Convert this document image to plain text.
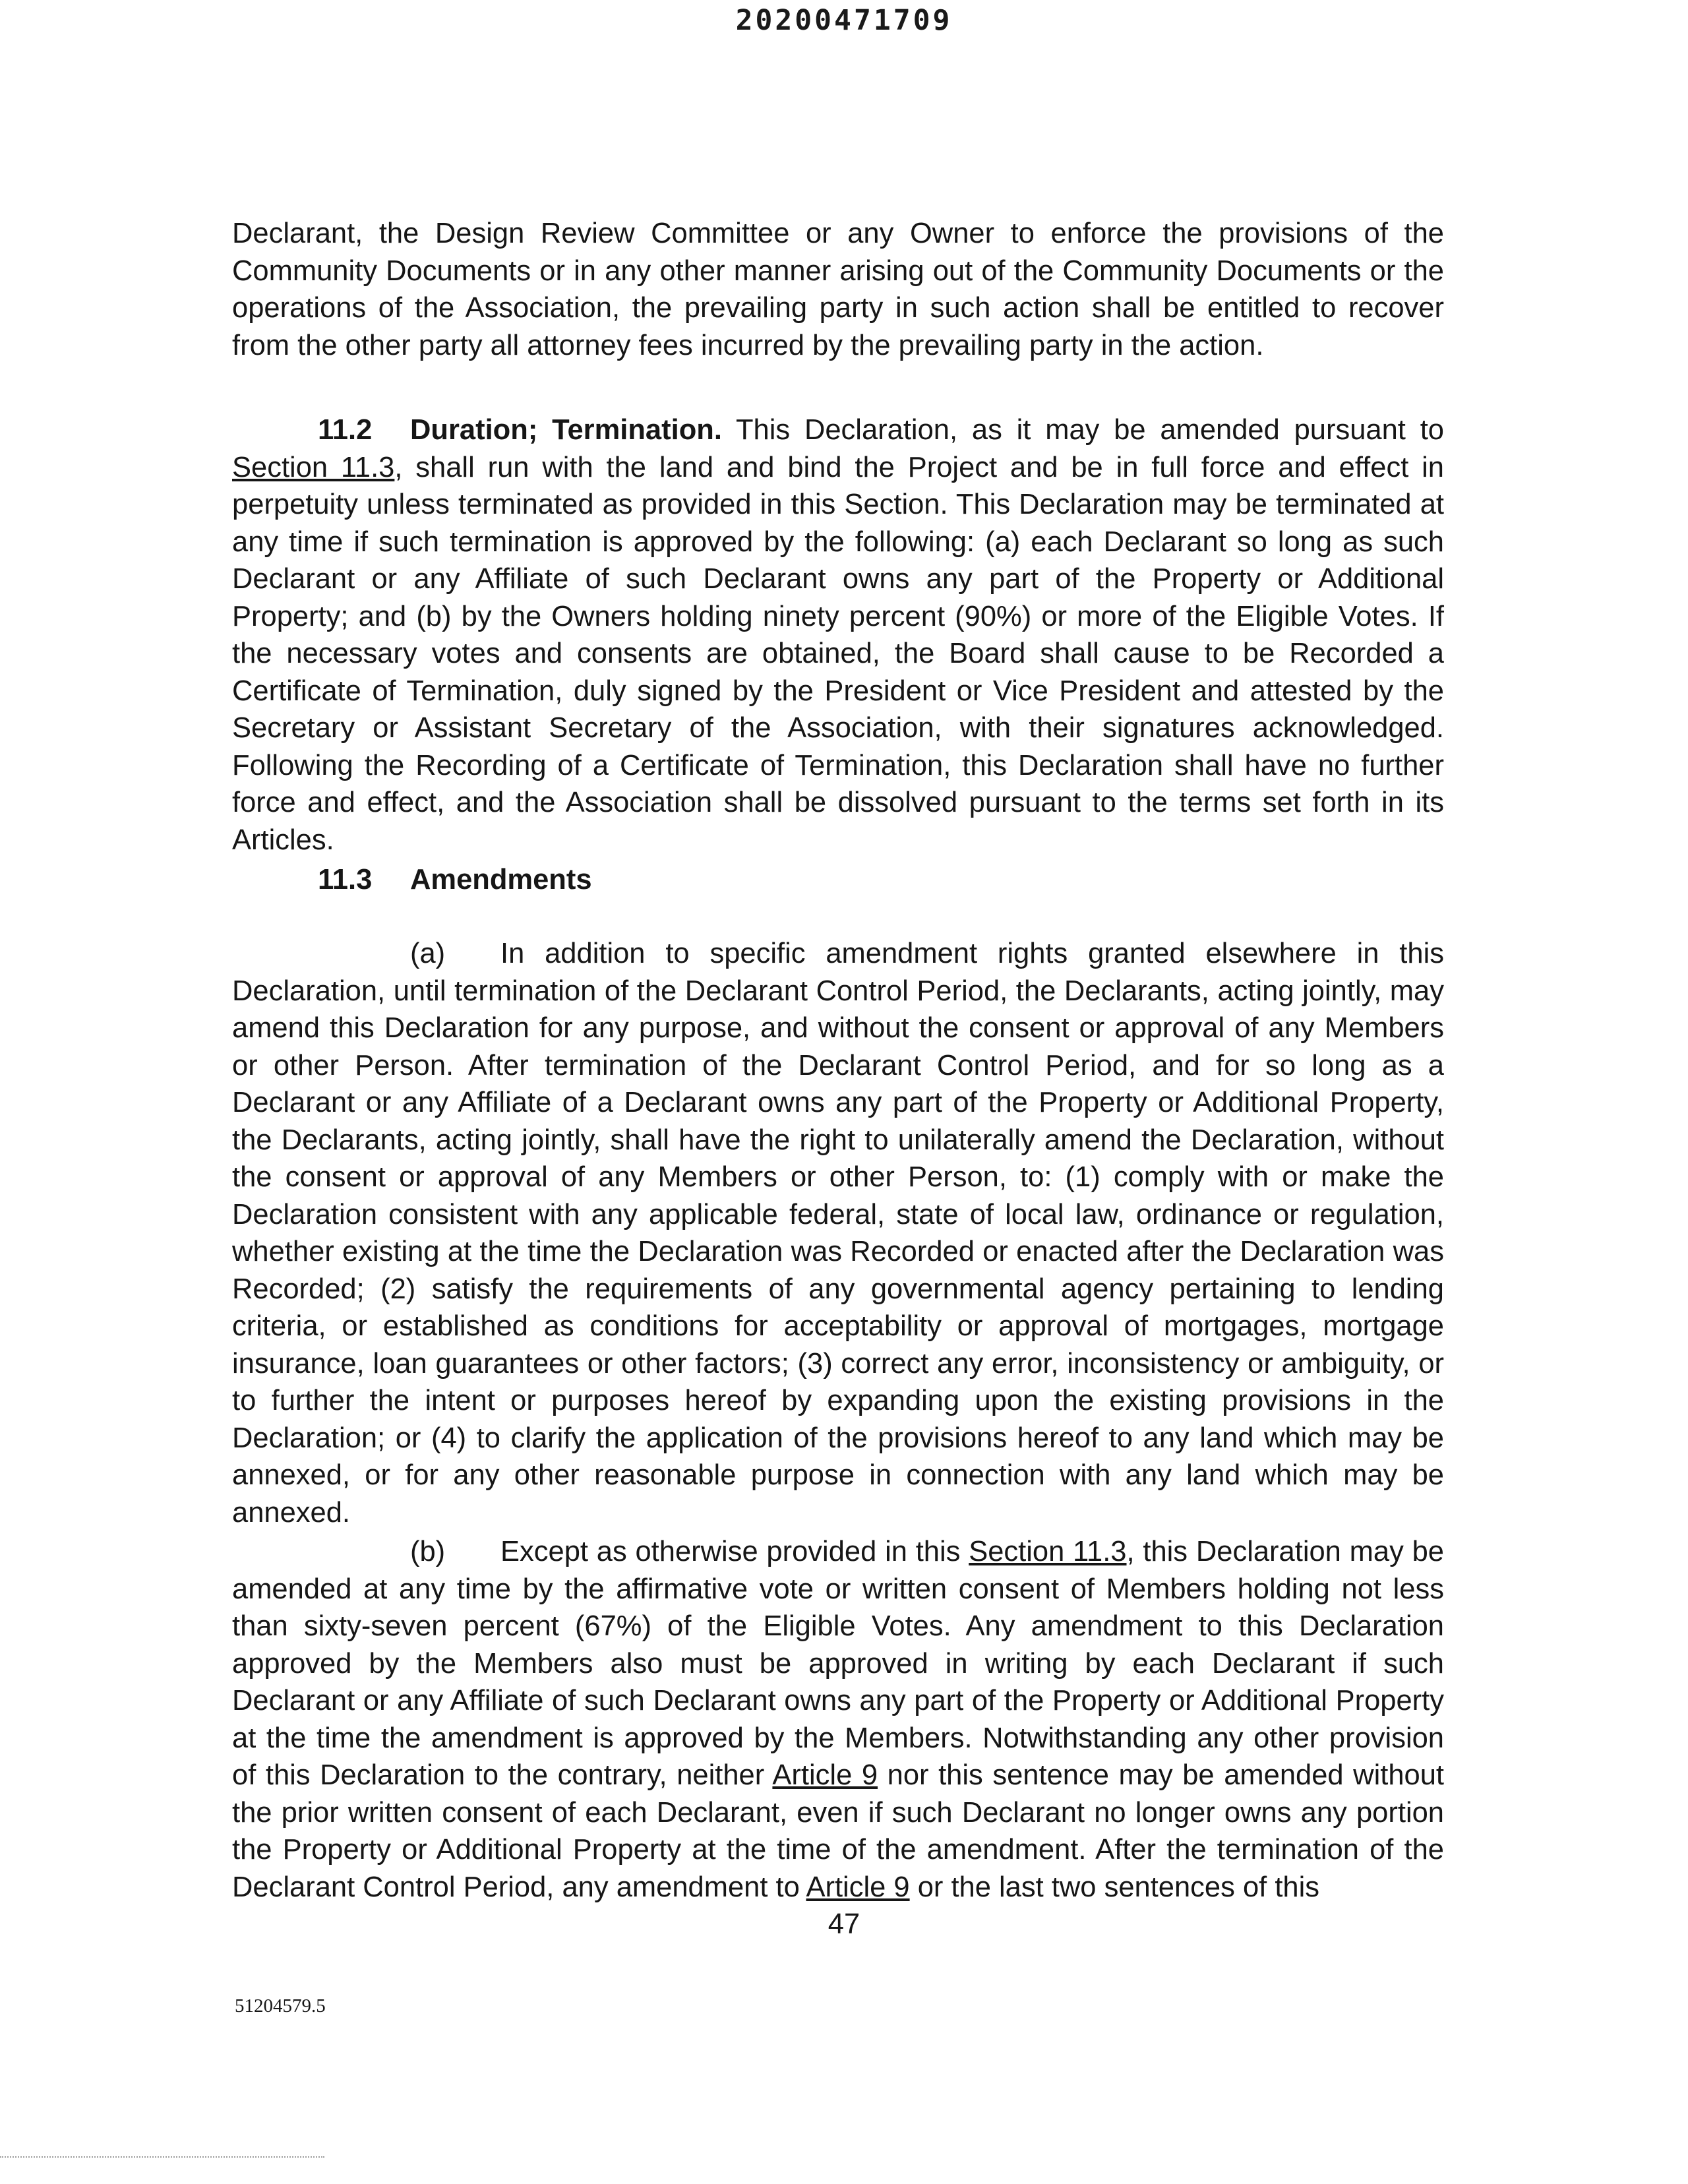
20200471709

Declarant, the Design Review Committee or any Owner to enforce the provisions of the Community Documents or in any other manner arising out of the Community Documents or the operations of the Association, the prevailing party in such action shall be entitled to recover from the other party all attorney fees incurred by the prevailing party in the action.

11.2 Duration; Termination. This Declaration, as it may be amended pursuant to Section 11.3, shall run with the land and bind the Project and be in full force and effect in perpetuity unless terminated as provided in this Section. This Declaration may be terminated at any time if such termination is approved by the following: (a) each Declarant so long as such Declarant or any Affiliate of such Declarant owns any part of the Property or Additional Property; and (b) by the Owners holding ninety percent (90%) or more of the Eligible Votes. If the necessary votes and consents are obtained, the Board shall cause to be Recorded a Certificate of Termination, duly signed by the President or Vice President and attested by the Secretary or Assistant Secretary of the Association, with their signatures acknowledged. Following the Recording of a Certificate of Termination, this Declaration shall have no further force and effect, and the Association shall be dissolved pursuant to the terms set forth in its Articles.

11.3 Amendments

(a) In addition to specific amendment rights granted elsewhere in this Declaration, until termination of the Declarant Control Period, the Declarants, acting jointly, may amend this Declaration for any purpose, and without the consent or approval of any Members or other Person. After termination of the Declarant Control Period, and for so long as a Declarant or any Affiliate of a Declarant owns any part of the Property or Additional Property, the Declarants, acting jointly, shall have the right to unilaterally amend the Declaration, without the consent or approval of any Members or other Person, to: (1) comply with or make the Declaration consistent with any applicable federal, state of local law, ordinance or regulation, whether existing at the time the Declaration was Recorded or enacted after the Declaration was Recorded; (2) satisfy the requirements of any governmental agency pertaining to lending criteria, or established as conditions for acceptability or approval of mortgages, mortgage insurance, loan guarantees or other factors; (3) correct any error, inconsistency or ambiguity, or to further the intent or purposes hereof by expanding upon the existing provisions in the Declaration; or (4) to clarify the application of the provisions hereof to any land which may be annexed, or for any other reasonable purpose in connection with any land which may be annexed.

(b) Except as otherwise provided in this Section 11.3, this Declaration may be amended at any time by the affirmative vote or written consent of Members holding not less than sixty-seven percent (67%) of the Eligible Votes. Any amendment to this Declaration approved by the Members also must be approved in writing by each Declarant if such Declarant or any Affiliate of such Declarant owns any part of the Property or Additional Property at the time the amendment is approved by the Members. Notwithstanding any other provision of this Declaration to the contrary, neither Article 9 nor this sentence may be amended without the prior written consent of each Declarant, even if such Declarant no longer owns any portion the Property or Additional Property at the time of the amendment. After the termination of the Declarant Control Period, any amendment to Article 9 or the last two sentences of this

47
51204579.5
